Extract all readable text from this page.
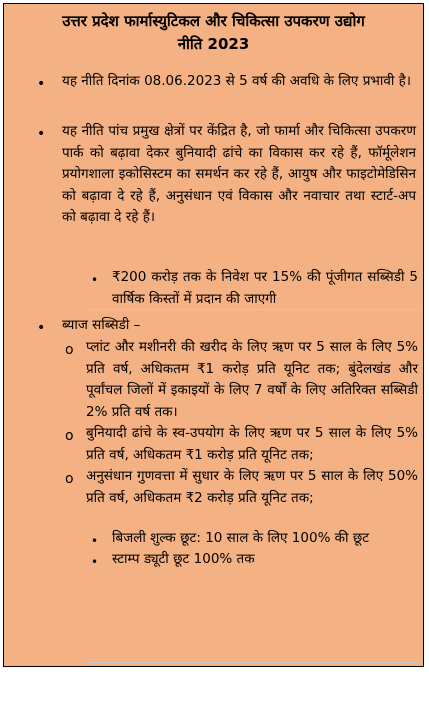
उत्तर प्रदेश फार्मास्युटिकल और चिकित्सा उपकरण उद्योग
नीति 2023
• यह नीति दिनांक 08.06.2023 से 5 वर्ष की अवधि के लिए प्रभावी है।
• यह नीति पांच प्रमुख क्षेत्रों पर केंद्रित है, जो फार्मा और चिकित्सा उपकरण पार्क को बढ़ावा देकर बुनियादी ढांचे का विकास कर रहे हैं, फॉर्मूलेशन प्रयोगशाला इकोसिस्टम का समर्थन कर रहे हैं, आयुष और फाइटोमेडिसिन को बढ़ावा दे रहे हैं, अनुसंधान एवं विकास और नवाचार तथा स्टार्ट-अप को बढ़ावा दे रहे हैं।
• ₹200 करोड़ तक के निवेश पर 15% की पूंजीगत सब्सिडी 5 वार्षिक किस्तों में प्रदान की जाएगी
• ब्याज सब्सिडी –
o प्लांट और मशीनरी की खरीद के लिए ऋण पर 5 साल के लिए 5% प्रति वर्ष, अधिकतम ₹1 करोड़ प्रति यूनिट तक; बुंदेलखंड और पूर्वांचल जिलों में इकाइयों के लिए 7 वर्षों के लिए अतिरिक्त सब्सिडी 2% प्रति वर्ष तक।
o बुनियादी ढांचे के स्व-उपयोग के लिए ऋण पर 5 साल के लिए 5% प्रति वर्ष, अधिकतम ₹1 करोड़ प्रति यूनिट तक;
o अनुसंधान गुणवत्ता में सुधार के लिए ऋण पर 5 साल के लिए 50% प्रति वर्ष, अधिकतम ₹2 करोड़ प्रति यूनिट तक;
• बिजली शुल्क छूट: 10 साल के लिए 100% की छूट
• स्टाम्प ड्यूटी छूट 100% तक
